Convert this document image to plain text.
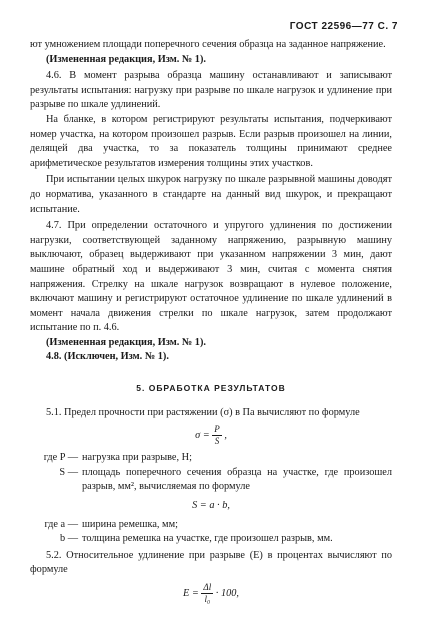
ГОСТ 22596—77 С. 7

ют умножением площади поперечного сечения образца на заданное напряжение.

(Измененная редакция, Изм. № 1).

4.6. В момент разрыва образца машину останавливают и записывают результаты испытания: нагрузку при разрыве по шкале нагрузок и удлинение при разрыве по шкале удлинений.

На бланке, в котором регистрируют результаты испытания, подчеркивают номер участка, на котором произошел разрыв. Если разрыв произошел на линии, делящей два участка, то за показатель толщины принимают среднее арифметическое результатов измерения толщины этих участков.

При испытании целых шкурок нагрузку по шкале разрывной машины доводят до норматива, указанного в стандарте на данный вид шкурок, и прекращают испытание.

4.7. При определении остаточного и упругого удлинения по достижении нагрузки, соответствующей заданному напряжению, разрывную машину выключают, образец выдерживают при указанном напряжении 3 мин, дают машине обратный ход и выдерживают 3 мин, считая с момента снятия напряжения. Стрелку на шкале нагрузок возвращают в нулевое положение, включают машину и регистрируют остаточное удлинение по шкале удлинений в момент начала движения стрелки по шкале нагрузок, затем продолжают испытание по п. 4.6.

(Измененная редакция, Изм. № 1).

4.8. (Исключен, Изм. № 1).

5. ОБРАБОТКА РЕЗУЛЬТАТОВ

5.1. Предел прочности при растяжении (σ) в Па вычисляют по формуле

$\sigma = \frac{P}{S}$ ,
где P — нагрузка при разрыве, Н;
S — площадь поперечного сечения образца на участке, где произошел разрыв, мм², вычисляемая по формуле
S = a · b,
где a — ширина ремешка, мм;
b — толщина ремешка на участке, где произошел разрыв, мм.

5.2. Относительное удлинение при разрыве (E) в процентах вычисляют по формуле

$E = \frac{\Delta l}{\text{l₀}} \cdot 100$,
